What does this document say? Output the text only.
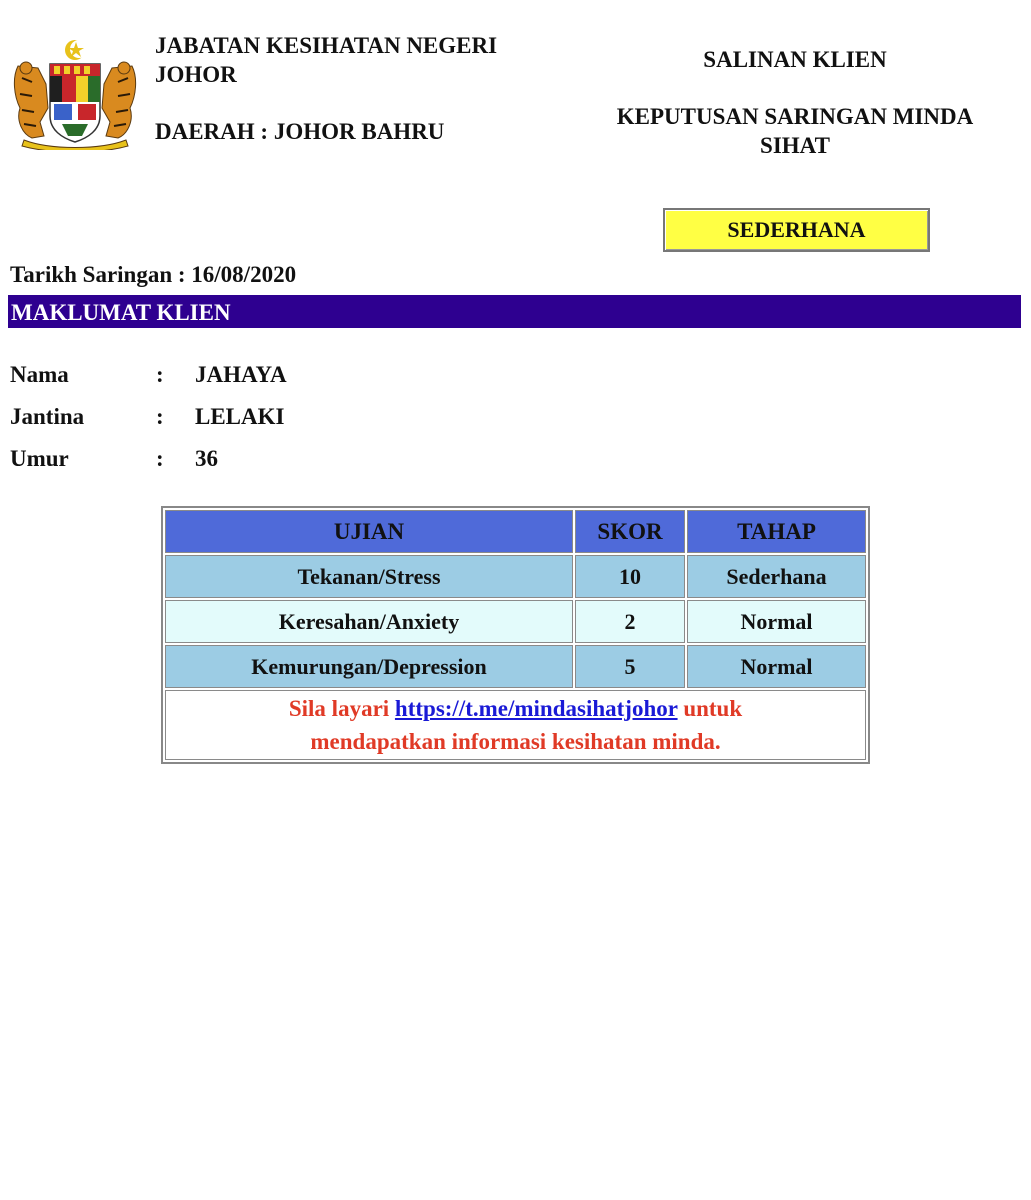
JABATAN KESIHATAN NEGERI
JOHOR
DAERAH : JOHOR BAHRU
SALINAN KLIEN
KEPUTUSAN SARINGAN MINDA
SIHAT
SEDERHANA
Tarikh Saringan : 16/08/2020
MAKLUMAT KLIEN
Nama	: JAHAYA
Jantina	: LELAKI
Umur	: 36
UJIAN	SKOR	TAHAP
Tekanan/Stress	10	Sederhana
Keresahan/Anxiety	2	Normal
Kemurungan/Depression	5	Normal
Sila layari https://t.me/mindasihatjohor untuk
mendapatkan informasi kesihatan minda.		
